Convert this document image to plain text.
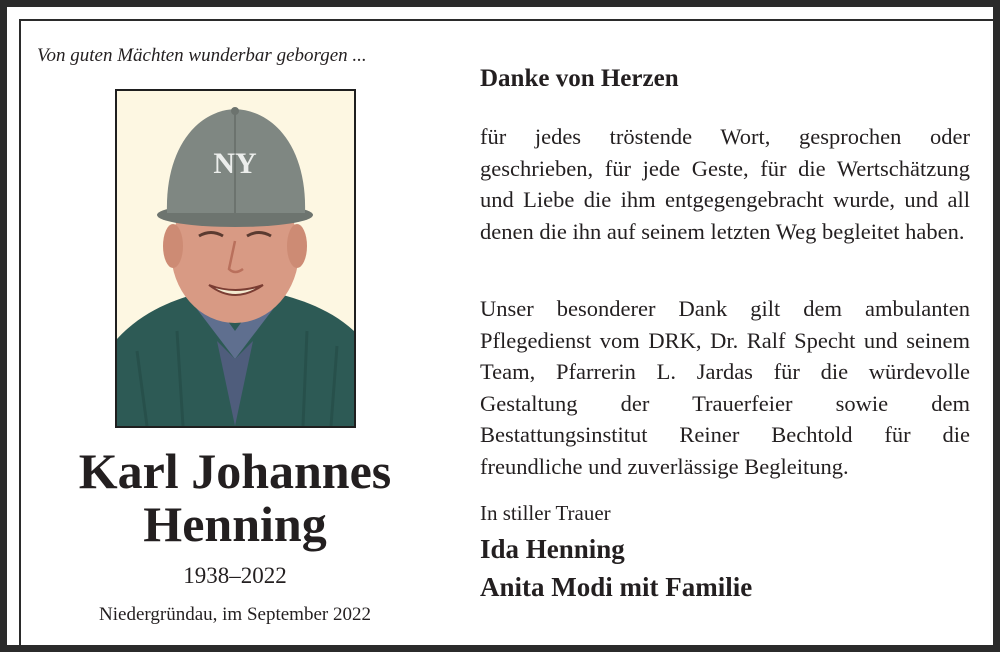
Von guten Mächten wunderbar geborgen ...
NY
Karl Johannes
Henning
1938–2022
Niedergründau, im September 2022
Danke von Herzen
für jedes tröstende Wort, gesprochen oder geschrieben, für jede Geste, für die Wertschätzung und Liebe die ihm entgegengebracht wurde, und all denen die ihn auf seinem letzten Weg begleitet haben.
Unser besonderer Dank gilt dem ambulanten Pflegedienst vom DRK, Dr. Ralf Specht und seinem Team, Pfarrerin L. Jardas für die würdevolle Gestaltung der Trauerfeier sowie dem Bestattungsinstitut Reiner Bechtold für die freundliche und zuverlässige Begleitung.
In stiller Trauer
Ida Henning
Anita Modi mit Familie
